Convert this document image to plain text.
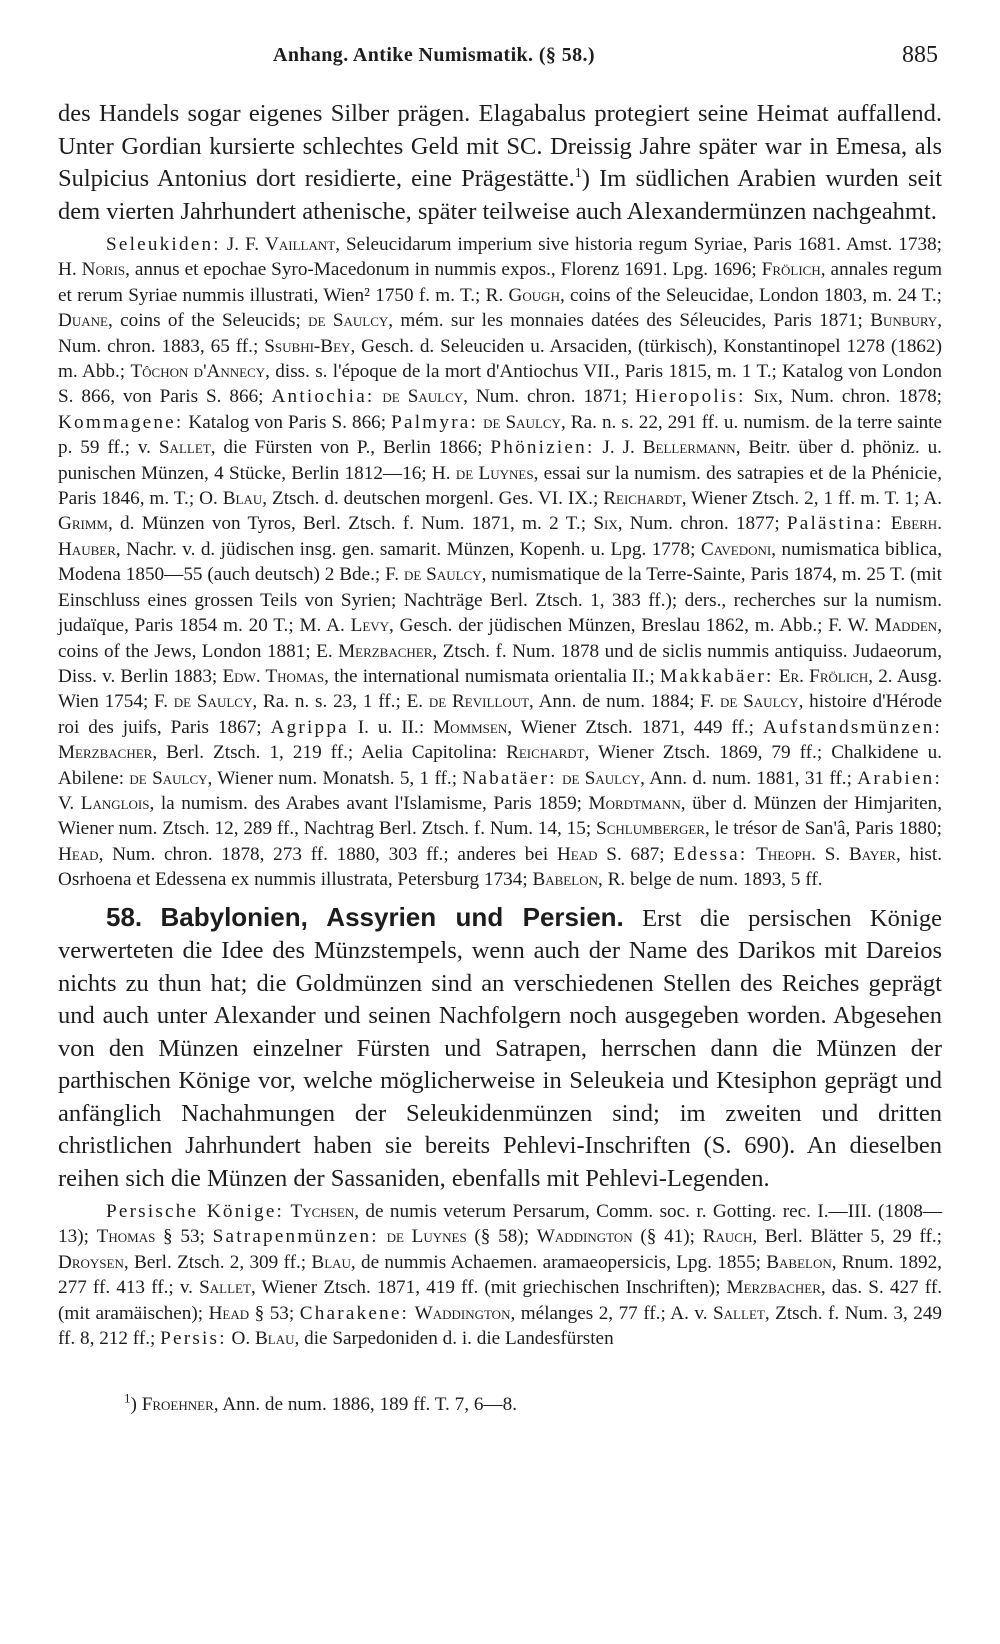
Anhang. Antike Numismatik. (§ 58.)	885

des Handels sogar eigenes Silber prägen. Elagabalus protegiert seine Heimat auffallend. Unter Gordian kursierte schlechtes Geld mit SC. Dreissig Jahre später war in Emesa, als Sulpicius Antonius dort residierte, eine Prägestätte.$^1$) Im südlichen Arabien wurden seit dem vierten Jahrhundert athenische, später teilweise auch Alexandermünzen nachgeahmt.

Seleukiden: J. F. Vaillant, Seleucidarum imperium sive historia regum Syriae, Paris 1681. Amst. 1738; H. Noris, annus et epochae Syro-Macedonum in nummis expos., Florenz 1691. Lpg. 1696; Frölich, annales regum et rerum Syriae nummis illustrati, Wien² 1750 f. m. T.; R. Gough, coins of the Seleucidae, London 1803, m. 24 T.; Duane, coins of the Seleucids; de Saulcy, mém. sur les monnaies datées des Séleucides, Paris 1871; Bunbury, Num. chron. 1883, 65 ff.; Ssubhi-Bey, Gesch. d. Seleuciden u. Arsaciden, (türkisch), Konstantinopel 1278 (1862) m. Abb.; Tôchon d'Annecy, diss. s. l'époque de la mort d'Antiochus VII., Paris 1815, m. 1 T.; Katalog von London S. 866, von Paris S. 866; Antiochia: de Saulcy, Num. chron. 1871; Hieropolis: Six, Num. chron. 1878; Kommagene: Katalog von Paris S. 866; Palmyra: de Saulcy, Ra. n. s. 22, 291 ff. u. numism. de la terre sainte p. 59 ff.; v. Sallet, die Fürsten von P., Berlin 1866; Phönizien: J. J. Bellermann, Beitr. über d. phöniz. u. punischen Münzen, 4 Stücke, Berlin 1812—16; H. de Luynes, essai sur la numism. des satrapies et de la Phénicie, Paris 1846, m. T.; O. Blau, Ztsch. d. deutschen morgenl. Ges. VI. IX.; Reichardt, Wiener Ztsch. 2, 1 ff. m. T. 1; A. Grimm, d. Münzen von Tyros, Berl. Ztsch. f. Num. 1871, m. 2 T.; Six, Num. chron. 1877; Palästina: Eberh. Hauber, Nachr. v. d. jüdischen insg. gen. samarit. Münzen, Kopenh. u. Lpg. 1778; Cavedoni, numismatica biblica, Modena 1850—55 (auch deutsch) 2 Bde.; F. de Saulcy, numismatique de la Terre-Sainte, Paris 1874, m. 25 T. (mit Einschluss eines grossen Teils von Syrien; Nachträge Berl. Ztsch. 1, 383 ff.); ders., recherches sur la numism. judaïque, Paris 1854 m. 20 T.; M. A. Levy, Gesch. der jüdischen Münzen, Breslau 1862, m. Abb.; F. W. Madden, coins of the Jews, London 1881; E. Merzbacher, Ztsch. f. Num. 1878 und de siclis nummis antiquiss. Judaeorum, Diss. v. Berlin 1883; Edw. Thomas, the international numismata orientalia II.; Makkabäer: Er. Frölich, 2. Ausg. Wien 1754; F. de Saulcy, Ra. n. s. 23, 1 ff.; E. de Revillout, Ann. de num. 1884; F. de Saulcy, histoire d'Hérode roi des juifs, Paris 1867; Agrippa I. u. II.: Mommsen, Wiener Ztsch. 1871, 449 ff.; Aufstandsmünzen: Merzbacher, Berl. Ztsch. 1, 219 ff.; Aelia Capitolina: Reichardt, Wiener Ztsch. 1869, 79 ff.; Chalkidene u. Abilene: de Saulcy, Wiener num. Monatsh. 5, 1 ff.; Nabatäer: de Saulcy, Ann. d. num. 1881, 31 ff.; Arabien: V. Langlois, la numism. des Arabes avant l'Islamisme, Paris 1859; Mordtmann, über d. Münzen der Himjariten, Wiener num. Ztsch. 12, 289 ff., Nachtrag Berl. Ztsch. f. Num. 14, 15; Schlumberger, le trésor de San'â, Paris 1880; Head, Num. chron. 1878, 273 ff. 1880, 303 ff.; anderes bei Head S. 687; Edessa: Theoph. S. Bayer, hist. Osrhoena et Edessena ex nummis illustrata, Petersburg 1734; Babelon, R. belge de num. 1893, 5 ff.

58. Babylonien, Assyrien und Persien. Erst die persischen Könige verwerteten die Idee des Münzstempels, wenn auch der Name des Darikos mit Dareios nichts zu thun hat; die Goldmünzen sind an verschiedenen Stellen des Reiches geprägt und auch unter Alexander und seinen Nachfolgern noch ausgegeben worden. Abgesehen von den Münzen einzelner Fürsten und Satrapen, herrschen dann die Münzen der parthischen Könige vor, welche möglicherweise in Seleukeia und Ktesiphon geprägt und anfänglich Nachahmungen der Seleukidenmünzen sind; im zweiten und dritten christlichen Jahrhundert haben sie bereits Pehlevi-Inschriften (S. 690). An dieselben reihen sich die Münzen der Sassaniden, ebenfalls mit Pehlevi-Legenden.

Persische Könige: Tychsen, de numis veterum Persarum, Comm. soc. r. Gotting. rec. I.—III. (1808—13); Thomas § 53; Satrapenmünzen: de Luynes (§ 58); Waddington (§ 41); Rauch, Berl. Blätter 5, 29 ff.; Droysen, Berl. Ztsch. 2, 309 ff.; Blau, de nummis Achaemen. aramaeopersicis, Lpg. 1855; Babelon, Rnum. 1892, 277 ff. 413 ff.; v. Sallet, Wiener Ztsch. 1871, 419 ff. (mit griechischen Inschriften); Merzbacher, das. S. 427 ff. (mit aramäischen); Head § 53; Charakene: Waddington, mélanges 2, 77 ff.; A. v. Sallet, Ztsch. f. Num. 3, 249 ff. 8, 212 ff.; Persis: O. Blau, die Sarpedoniden d. i. die Landesfürsten

$^1$) Froehner, Ann. de num. 1886, 189 ff. T. 7, 6—8.
